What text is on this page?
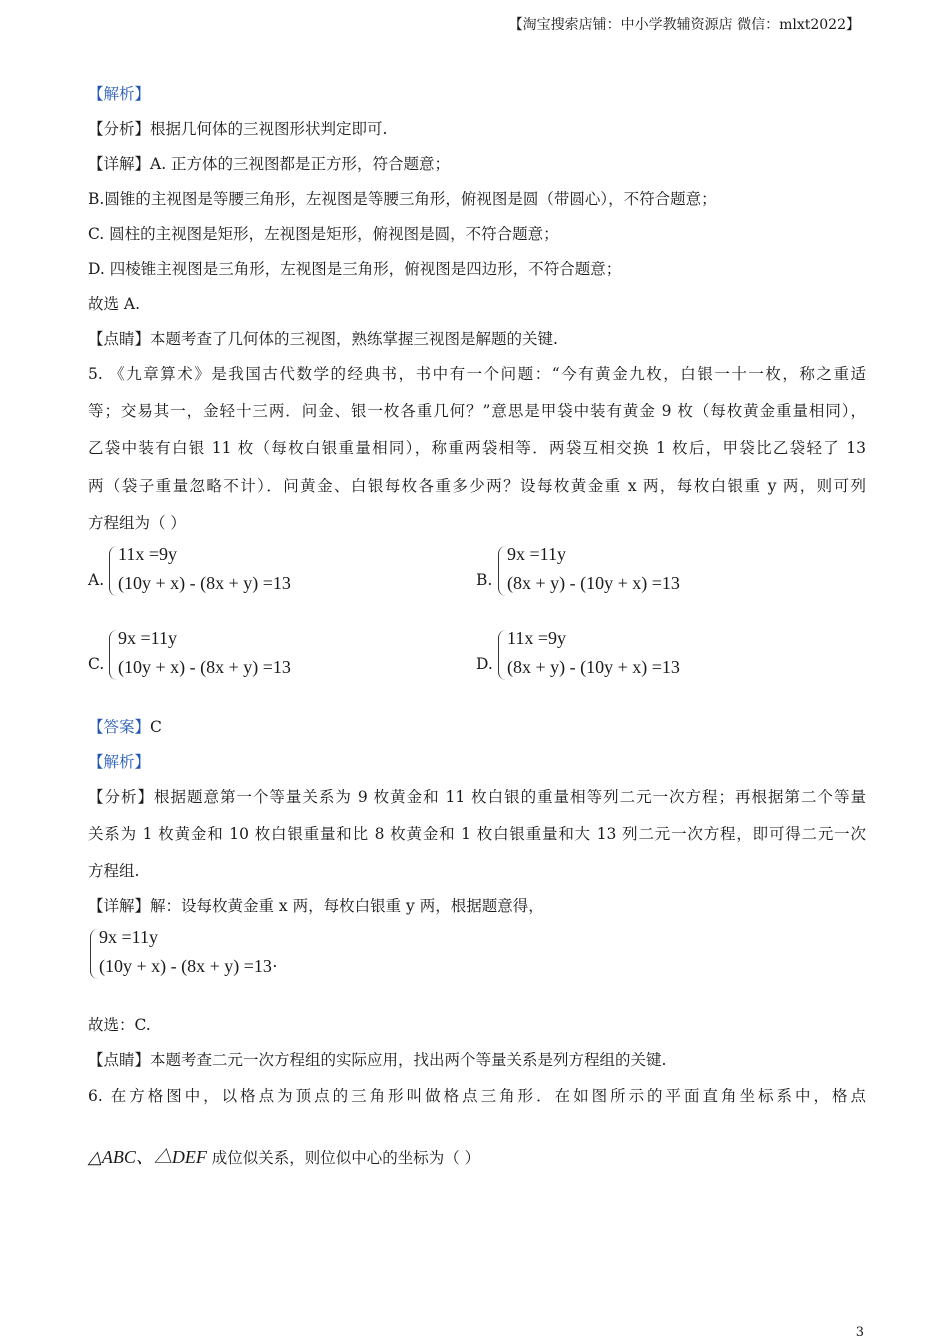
【淘宝搜索店铺：中小学教辅资源店 微信：mlxt2022】
【解析】
【分析】根据几何体的三视图形状判定即可.
【详解】A. 正方体的三视图都是正方形，符合题意；
B.圆锥的主视图是等腰三角形，左视图是等腰三角形，俯视图是圆（带圆心），不符合题意；
C. 圆柱的主视图是矩形，左视图是矩形，俯视图是圆，不符合题意；
D. 四棱锥主视图是三角形，左视图是三角形，俯视图是四边形，不符合题意；
故选 A.
【点睛】本题考查了几何体的三视图，熟练掌握三视图是解题的关键.
5. 《九章算术》是我国古代数学的经典书，书中有一个问题：“今有黄金九枚，白银一十一枚，称之重适
等；交易其一，金轻十三两．问金、银一枚各重几何？”意思是甲袋中装有黄金 9 枚（每枚黄金重量相同），
乙袋中装有白银 11 枚（每枚白银重量相同），称重两袋相等．两袋互相交换 1 枚后，甲袋比乙袋轻了 13
两（袋子重量忽略不计）．问黄金、白银每枚各重多少两？设每枚黄金重 x 两，每枚白银重 y 两，则可列
方程组为（ ）
A.
11x =9y
(10y + x) - (8x + y) =13	B.
9x =11y
(8x + y) - (10y + x) =13
C.
9x =11y
(10y + x) - (8x + y) =13	D.
11x =9y
(8x + y) - (10y + x) =13
【答案】C
【解析】
【分析】根据题意第一个等量关系为 9 枚黄金和 11 枚白银的重量相等列二元一次方程；再根据第二个等量
关系为 1 枚黄金和 10 枚白银重量和比 8 枚黄金和 1 枚白银重量和大 13 列二元一次方程，即可得二元一次
方程组.
【详解】解：设每枚黄金重 x 两，每枚白银重 y 两，根据题意得，
9x =11y
(10y + x) - (8x + y) =13·
故选：C.
【点睛】本题考查二元一次方程组的实际应用，找出两个等量关系是列方程组的关键.
6. 在方格图中，以格点为顶点的三角形叫做格点三角形．在如图所示的平面直角坐标系中，格点
△ABC、△DEF 成位似关系，则位似中心的坐标为（ ）
3
